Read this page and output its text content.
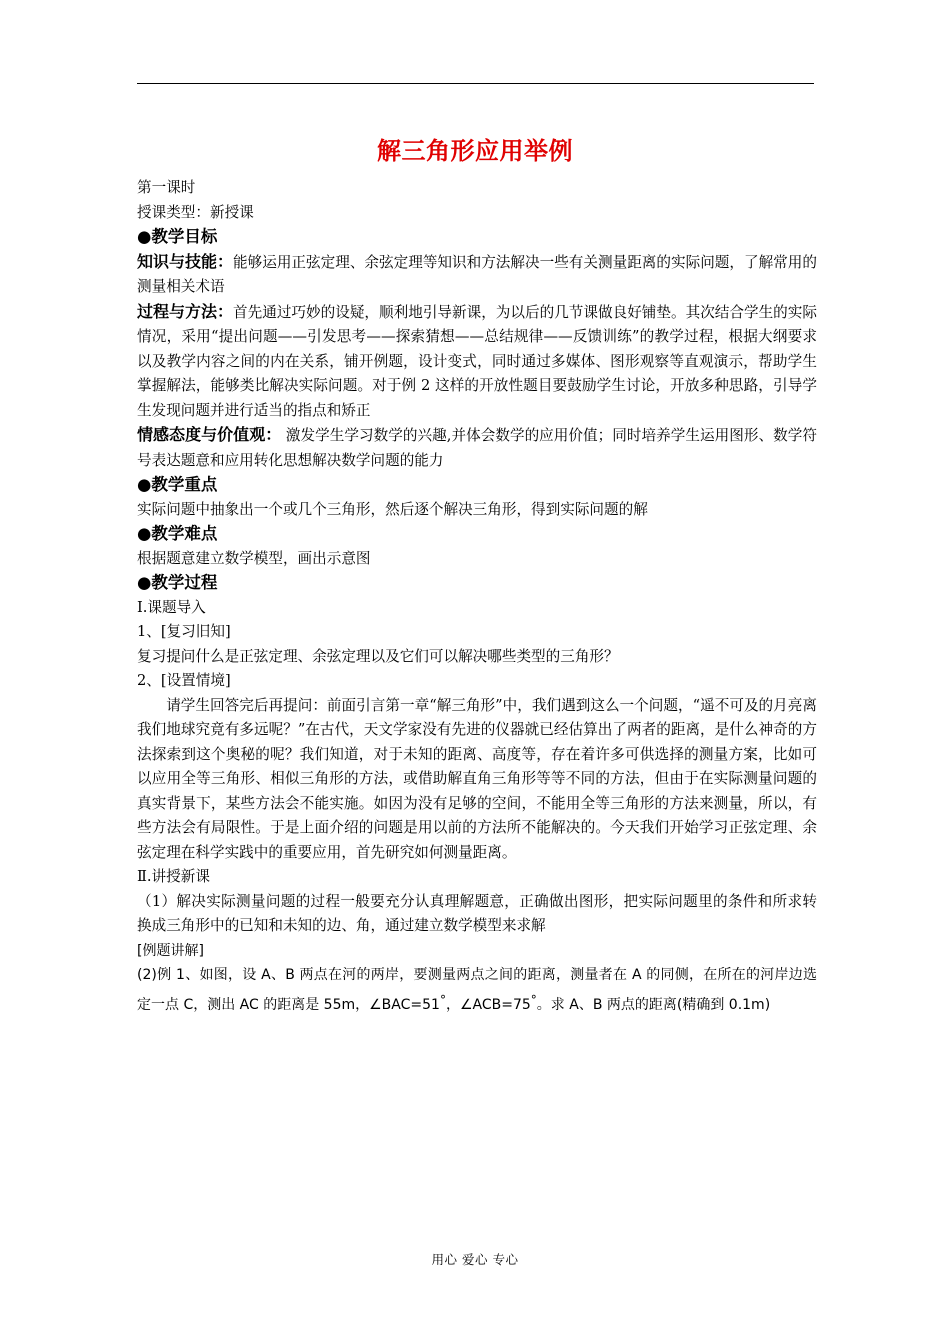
解三角形应用举例

第一课时

授课类型：新授课

●教学目标

知识与技能：能够运用正弦定理、余弦定理等知识和方法解决一些有关测量距离的实际问题，了解常用的测量相关术语

过程与方法：首先通过巧妙的设疑，顺利地引导新课，为以后的几节课做良好铺垫。其次结合学生的实际情况，采用“提出问题——引发思考——探索猜想——总结规律——反馈训练”的教学过程，根据大纲要求以及教学内容之间的内在关系，铺开例题，设计变式，同时通过多媒体、图形观察等直观演示，帮助学生掌握解法，能够类比解决实际问题。对于例 2 这样的开放性题目要鼓励学生讨论，开放多种思路，引导学生发现问题并进行适当的指点和矫正

情感态度与价值观： 激发学生学习数学的兴趣,并体会数学的应用价值；同时培养学生运用图形、数学符号表达题意和应用转化思想解决数学问题的能力

●教学重点

实际问题中抽象出一个或几个三角形，然后逐个解决三角形，得到实际问题的解

●教学难点

根据题意建立数学模型，画出示意图

●教学过程

Ⅰ.课题导入

1、[复习旧知]

复习提问什么是正弦定理、余弦定理以及它们可以解决哪些类型的三角形？

2、[设置情境]

请学生回答完后再提问：前面引言第一章“解三角形”中，我们遇到这么一个问题，“遥不可及的月亮离我们地球究竟有多远呢？”在古代，天文学家没有先进的仪器就已经估算出了两者的距离，是什么神奇的方法探索到这个奥秘的呢？我们知道，对于未知的距离、高度等，存在着许多可供选择的测量方案，比如可以应用全等三角形、相似三角形的方法，或借助解直角三角形等等不同的方法，但由于在实际测量问题的真实背景下，某些方法会不能实施。如因为没有足够的空间，不能用全等三角形的方法来测量，所以，有些方法会有局限性。于是上面介绍的问题是用以前的方法所不能解决的。今天我们开始学习正弦定理、余弦定理在科学实践中的重要应用，首先研究如何测量距离。

Ⅱ.讲授新课

（1）解决实际测量问题的过程一般要充分认真理解题意，正确做出图形，把实际问题里的条件和所求转换成三角形中的已知和未知的边、角，通过建立数学模型来求解

[例题讲解]

(2)例 1、如图，设 A、B 两点在河的两岸，要测量两点之间的距离，测量者在 A 的同侧，在所在的河岸边选定一点 C，测出 AC 的距离是 55m，∠BAC=51°，∠ACB=75°。求 A、B 两点的距离(精确到 0.1m)

用心 爱心 专心
